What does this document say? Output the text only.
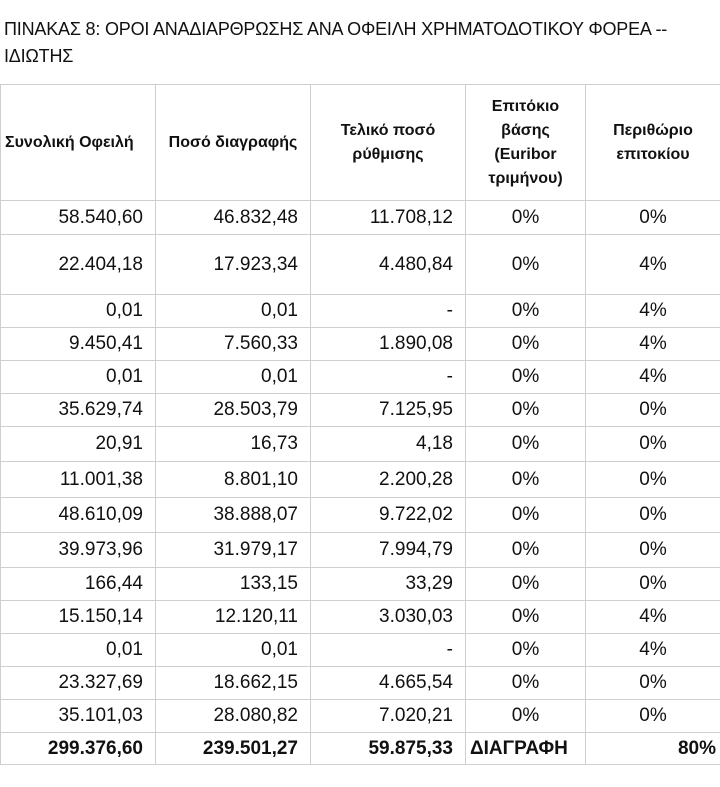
ΠΙΝΑΚΑΣ 8: ΟΡΟΙ ΑΝΑΔΙΑΡΘΡΩΣΗΣ ΑΝΑ ΟΦΕΙΛΗ ΧΡΗΜΑΤΟΔΟΤΙΚΟΥ ΦΟΡΕΑ -- ΙΔΙΩΤΗΣ
Συνολική Οφειλή	Ποσό διαγραφής	Τελικό ποσό ρύθμισης	Επιτόκιο βάσης (Euribor τριμήνου)	Περιθώριο επιτοκίου
58.540,60	46.832,48	11.708,12	0%	0%
22.404,18	17.923,34	4.480,84	0%	4%
0,01	0,01	-	0%	4%
9.450,41	7.560,33	1.890,08	0%	4%
0,01	0,01	-	0%	4%
35.629,74	28.503,79	7.125,95	0%	0%
20,91	16,73	4,18	0%	0%
11.001,38	8.801,10	2.200,28	0%	0%
48.610,09	38.888,07	9.722,02	0%	0%
39.973,96	31.979,17	7.994,79	0%	0%
166,44	133,15	33,29	0%	0%
15.150,14	12.120,11	3.030,03	0%	4%
0,01	0,01	-	0%	4%
23.327,69	18.662,15	4.665,54	0%	0%
35.101,03	28.080,82	7.020,21	0%	0%
299.376,60	239.501,27	59.875,33	ΔΙΑΓΡΑΦΗ	80%
